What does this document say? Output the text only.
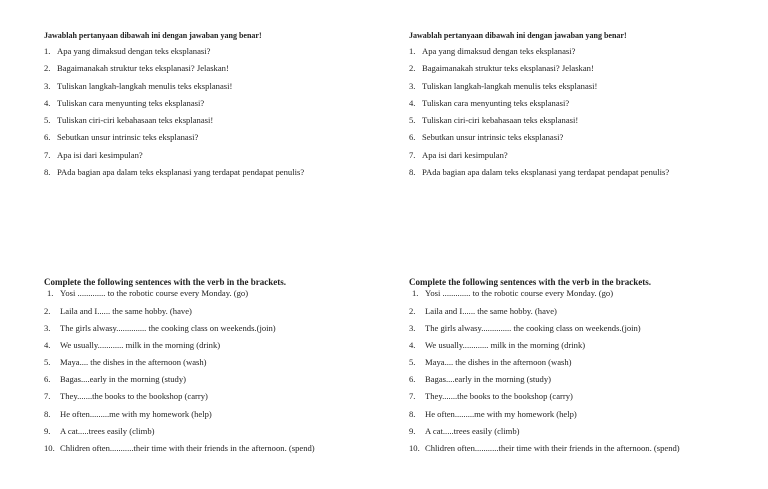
Jawablah pertanyaan dibawah ini dengan jawaban yang benar!
1. Apa yang dimaksud dengan teks eksplanasi?
2. Bagaimanakah struktur teks eksplanasi? Jelaskan!
3. Tuliskan langkah-langkah menulis teks eksplanasi!
4. Tuliskan cara menyunting teks eksplanasi?
5. Tuliskan ciri-ciri kebahasaan teks eksplanasi!
6. Sebutkan unsur intrinsic teks eksplanasi?
7. Apa isi dari kesimpulan?
8. PAda bagian apa dalam teks eksplanasi yang terdapat pendapat penulis?
Complete the following sentences with the verb in the brackets.
1. Yosi ............. to the robotic course every Monday. (go)
2.	Laila and I...... the same hobby. (have)
3.	The girls alwasy.............. the cooking class on weekends.(join)
4.	We usually............ milk in the morning (drink)
5.	Maya.... the dishes in the afternoon (wash)
6.	Bagas....early in the morning (study)
7.	They.......the books to the bookshop (carry)
8.	He often.........me with my homework (help)
9.	A cat.....trees easily (climb)
10. Chlidren often...........their time with their friends in the afternoon. (spend)
Jawablah pertanyaan dibawah ini dengan jawaban yang benar!
1. Apa yang dimaksud dengan teks eksplanasi?
2. Bagaimanakah struktur teks eksplanasi? Jelaskan!
3. Tuliskan langkah-langkah menulis teks eksplanasi!
4. Tuliskan cara menyunting teks eksplanasi?
5. Tuliskan ciri-ciri kebahasaan teks eksplanasi!
6. Sebutkan unsur intrinsic teks eksplanasi?
7. Apa isi dari kesimpulan?
8. PAda bagian apa dalam teks eksplanasi yang terdapat pendapat penulis?
Complete the following sentences with the verb in the brackets.
1. Yosi ............. to the robotic course every Monday. (go)
2.	Laila and I...... the same hobby. (have)
3.	The girls alwasy.............. the cooking class on weekends.(join)
4.	We usually............ milk in the morning (drink)
5.	Maya.... the dishes in the afternoon (wash)
6.	Bagas....early in the morning (study)
7.	They.......the books to the bookshop (carry)
8.	He often.........me with my homework (help)
9.	A cat.....trees easily (climb)
10. Chlidren often...........their time with their friends in the afternoon. (spend)
